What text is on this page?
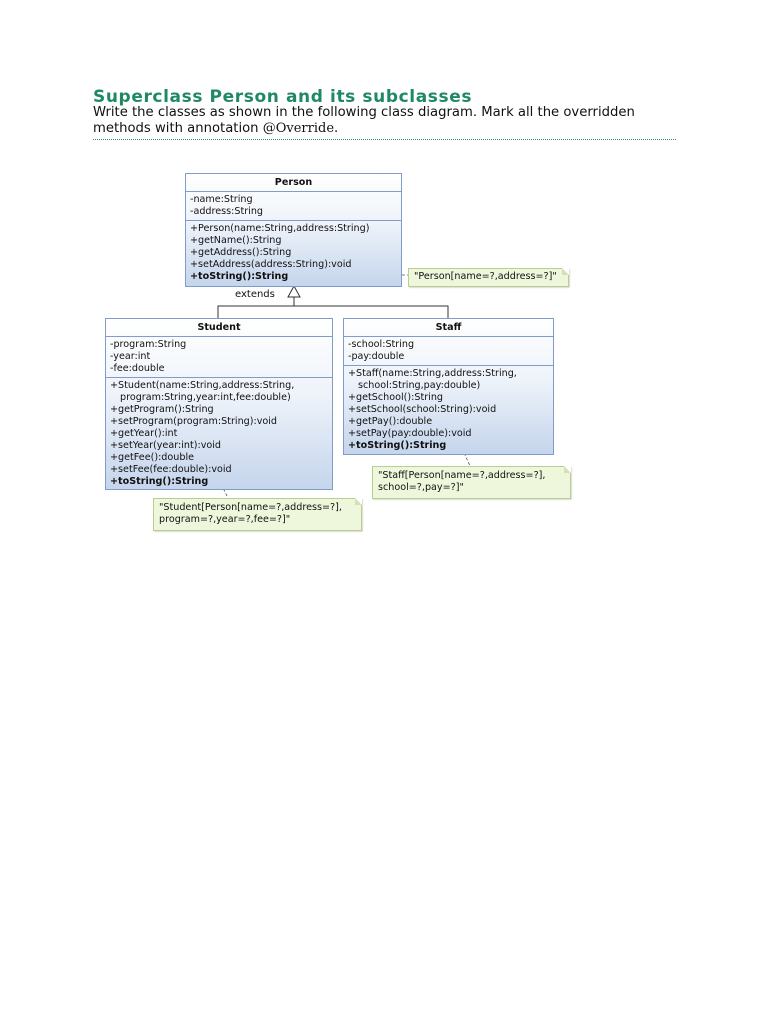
Superclass Person and its subclasses
Write the classes as shown in the following class diagram. Mark all the overridden methods with annotation @Override.
extends
Person
-name:String
-address:String
+Person(name:String,address:String)
+getName():String
+getAddress():String
+setAddress(address:String):void
+toString():String	"Person[name=?,address=?]"
Student
-program:String
-year:int
-fee:double
+Student(name:String,address:String,
program:String,year:int,fee:double)
+getProgram():String
+setProgram(program:String):void
+getYear():int
+setYear(year:int):void
+getFee():double
+setFee(fee:double):void
+toString():String
"Student[Person[name=?,address=?],
program=?,year=?,fee=?]"
Staff
-school:String
-pay:double
+Staff(name:String,address:String,
school:String,pay:double)
+getSchool():String
+setSchool(school:String):void
+getPay():double
+setPay(pay:double):void
+toString():String
"Staff[Person[name=?,address=?],
school=?,pay=?]"
